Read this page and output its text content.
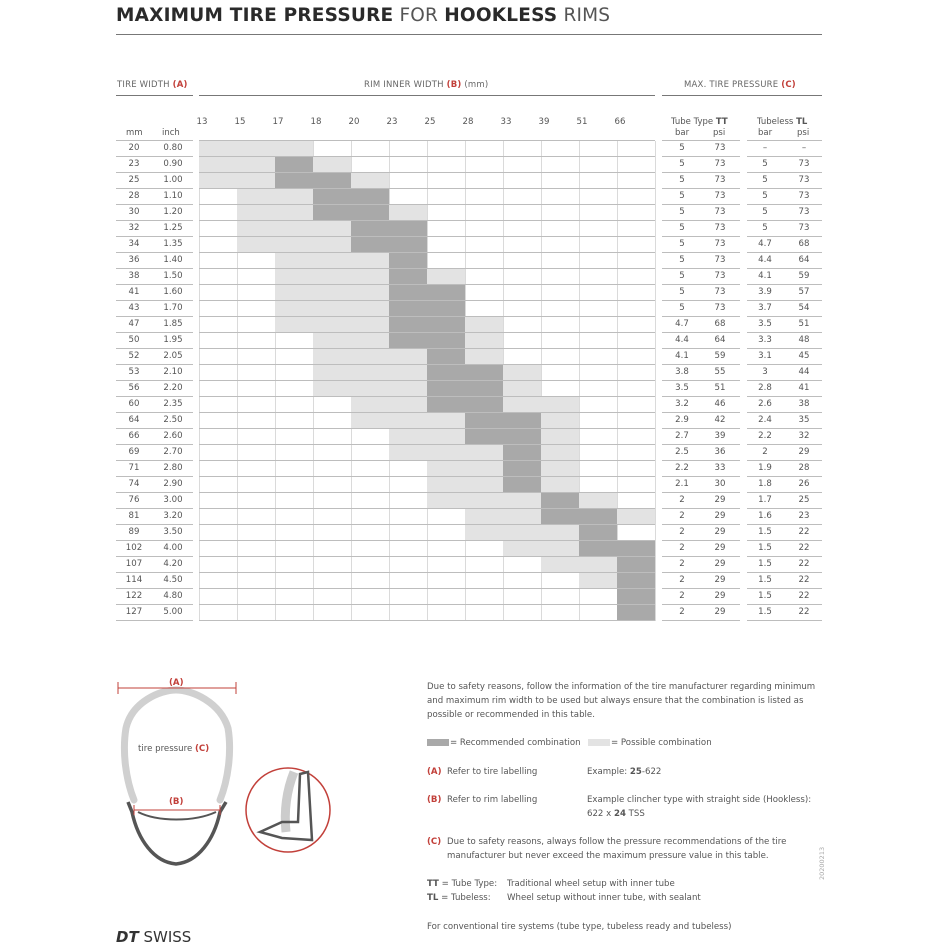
MAXIMUM TIRE PRESSURE FOR HOOKLESS RIMS
TIRE WIDTH (A)	RIM INNER WIDTH (B) (mm)	MAX. TIRE PRESSURE (C)
mm inch
Tube Type TT	Tubeless TL
bar	psi	bar	psi
13	15	17	18	20	23	25	28	33	39	51	66
20	0.80	5	73	–	–
23	0.90	5	73	5	73
25	1.00	5	73	5	73
28	1.10	5	73	5	73
30	1.20	5	73	5	73
32	1.25	5	73	5	73
34	1.35	5	73	4.7	68
36	1.40	5	73	4.4	64
38	1.50	5	73	4.1	59
41	1.60	5	73	3.9	57
43	1.70	5	73	3.7	54
47	1.85	4.7	68	3.5	51
50	1.95	4.4	64	3.3	48
52	2.05	4.1	59	3.1	45
53	2.10	3.8	55	3	44
56	2.20	3.5	51	2.8	41
60	2.35	3.2	46	2.6	38
64	2.50	2.9	42	2.4	35
66	2.60	2.7	39	2.2	32
69	2.70	2.5	36	2	29
71	2.80	2.2	33	1.9	28
74	2.90	2.1	30	1.8	26
76	3.00	2	29	1.7	25
81	3.20	2	29	1.6	23
89	3.50	2	29	1.5	22
102	4.00	2	29	1.5	22
107	4.20	2	29	1.5	22
114	4.50	2	29	1.5	22
122	4.80	2	29	1.5	22
127	5.00	2	29	1.5	22
(A)
(B)
tire pressure (C)
Due to safety reasons, follow the information of the tire manufacturer regarding minimum and maximum rim width to be used but always ensure that the combination is listed as possible or recommended in this table.
= Recommended combination	= Possible combination
(A) Refer to tire labelling	Example: 25-622
(B) Refer to rim labelling	Example clincher type with straight side (Hookless):
622 x 24 TSS
(C) Due to safety reasons, always follow the pressure recommendations of the tire manufacturer but never exceed the maximum pressure value in this table.
TT = Tube Type: Traditional wheel setup with inner tube
TL = Tubeless: Wheel setup without inner tube, with sealant
For conventional tire systems (tube type, tubeless ready and tubeless)
20200213
DT SWISS
